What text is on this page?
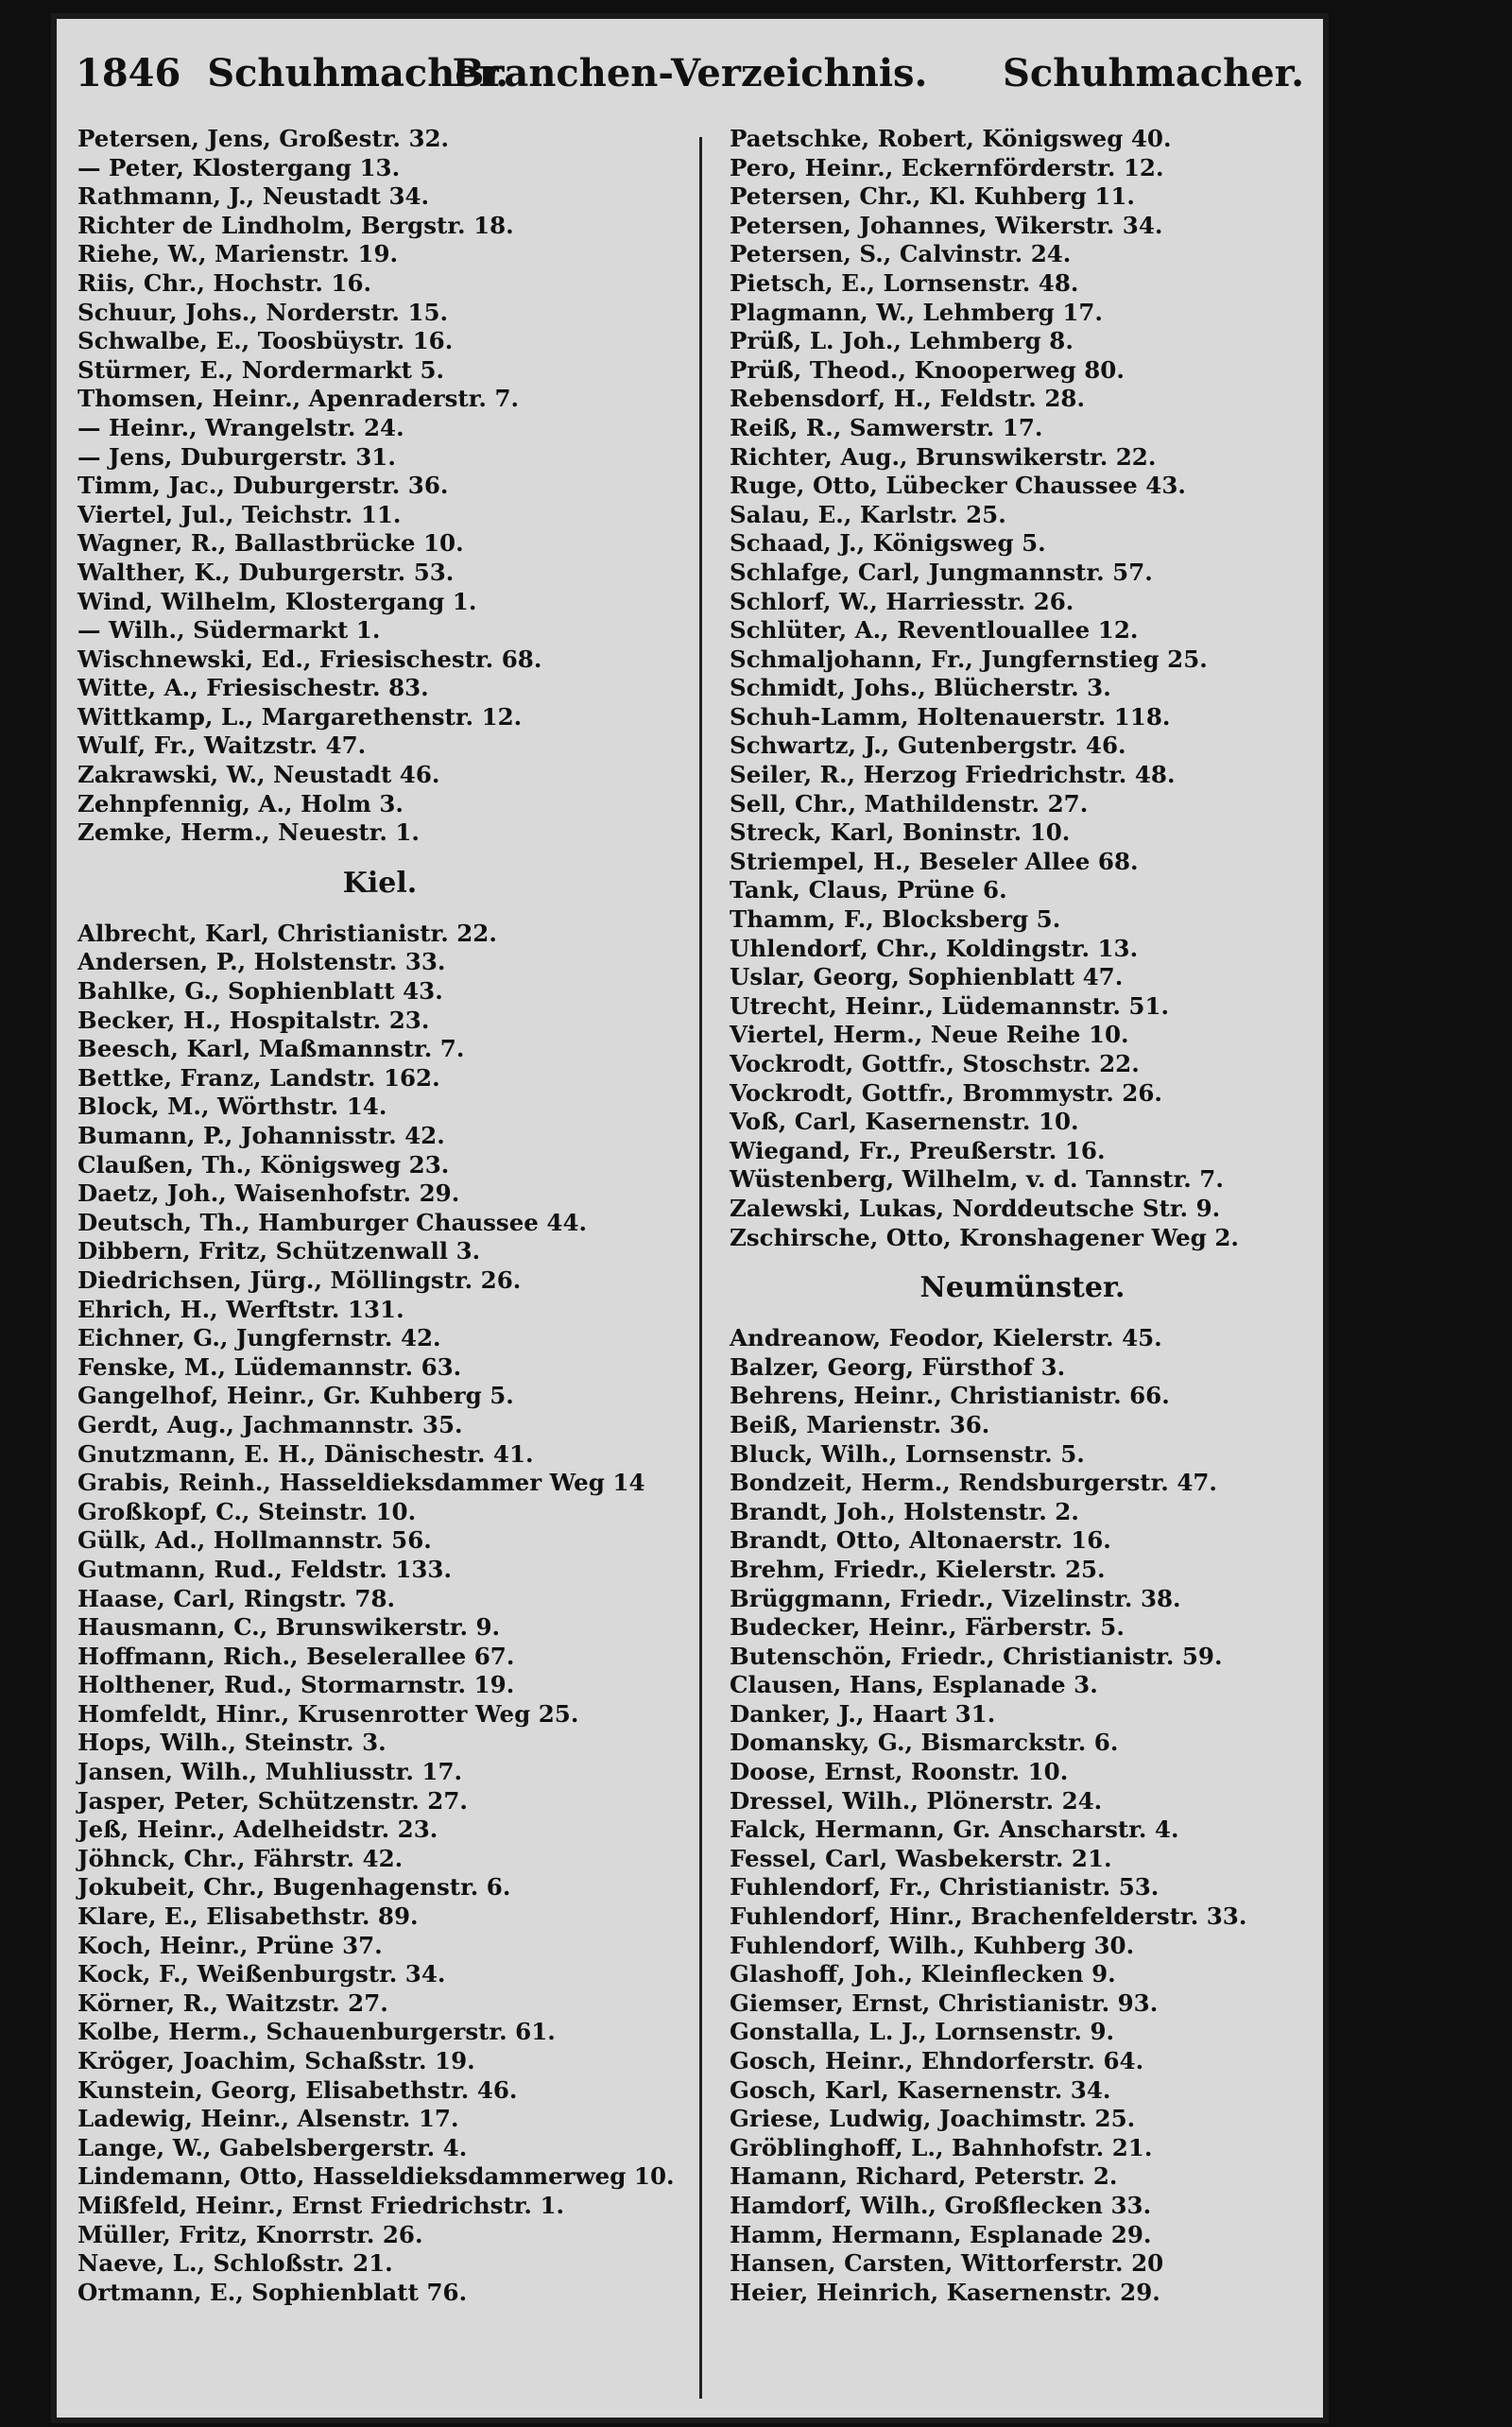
1846 Schuhmacher.
Branchen-Verzeichnis.	Schuhmacher.
Petersen, Jens, Großestr. 32.
— Peter, Klostergang 13.
Rathmann, J., Neustadt 34.
Richter de Lindholm, Bergstr. 18.
Riehe, W., Marienstr. 19.
Riis, Chr., Hochstr. 16.
Schuur, Johs., Norderstr. 15.
Schwalbe, E., Toosbüystr. 16.
Stürmer, E., Nordermarkt 5.
Thomsen, Heinr., Apenraderstr. 7.
— Heinr., Wrangelstr. 24.
— Jens, Duburgerstr. 31.
Timm, Jac., Duburgerstr. 36.
Viertel, Jul., Teichstr. 11.
Wagner, R., Ballastbrücke 10.
Walther, K., Duburgerstr. 53.
Wind, Wilhelm, Klostergang 1.
— Wilh., Südermarkt 1.
Wischnewski, Ed., Friesischestr. 68.
Witte, A., Friesischestr. 83.
Wittkamp, L., Margarethenstr. 12.
Wulf, Fr., Waitzstr. 47.
Zakrawski, W., Neustadt 46.
Zehnpfennig, A., Holm 3.
Zemke, Herm., Neuestr. 1.
Kiel.
Albrecht, Karl, Christianistr. 22.
Andersen, P., Holstenstr. 33.
Bahlke, G., Sophienblatt 43.
Becker, H., Hospitalstr. 23.
Beesch, Karl, Maßmannstr. 7.
Bettke, Franz, Landstr. 162.
Block, M., Wörthstr. 14.
Bumann, P., Johannisstr. 42.
Claußen, Th., Königsweg 23.
Daetz, Joh., Waisenhofstr. 29.
Deutsch, Th., Hamburger Chaussee 44.
Dibbern, Fritz, Schützenwall 3.
Diedrichsen, Jürg., Möllingstr. 26.
Ehrich, H., Werftstr. 131.
Eichner, G., Jungfernstr. 42.
Fenske, M., Lüdemannstr. 63.
Gangelhof, Heinr., Gr. Kuhberg 5.
Gerdt, Aug., Jachmannstr. 35.
Gnutzmann, E. H., Dänischestr. 41.
Grabis, Reinh., Hasseldieksdammer Weg 14
Großkopf, C., Steinstr. 10.
Gülk, Ad., Hollmannstr. 56.
Gutmann, Rud., Feldstr. 133.
Haase, Carl, Ringstr. 78.
Hausmann, C., Brunswikerstr. 9.
Hoffmann, Rich., Beselerallee 67.
Holthener, Rud., Stormarnstr. 19.
Homfeldt, Hinr., Krusenrotter Weg 25.
Hops, Wilh., Steinstr. 3.
Jansen, Wilh., Muhliusstr. 17.
Jasper, Peter, Schützenstr. 27.
Jeß, Heinr., Adelheidstr. 23.
Jöhnck, Chr., Fährstr. 42.
Jokubeit, Chr., Bugenhagenstr. 6.
Klare, E., Elisabethstr. 89.
Koch, Heinr., Prüne 37.
Kock, F., Weißenburgstr. 34.
Körner, R., Waitzstr. 27.
Kolbe, Herm., Schauenburgerstr. 61.
Kröger, Joachim, Schaßstr. 19.
Kunstein, Georg, Elisabethstr. 46.
Ladewig, Heinr., Alsenstr. 17.
Lange, W., Gabelsbergerstr. 4.
Lindemann, Otto, Hasseldieksdammerweg 10.
Mißfeld, Heinr., Ernst Friedrichstr. 1.
Müller, Fritz, Knorrstr. 26.
Naeve, L., Schloßstr. 21.
Ortmann, E., Sophienblatt 76.
Paetschke, Robert, Königsweg 40.
Pero, Heinr., Eckernförderstr. 12.
Petersen, Chr., Kl. Kuhberg 11.
Petersen, Johannes, Wikerstr. 34.
Petersen, S., Calvinstr. 24.
Pietsch, E., Lornsenstr. 48.
Plagmann, W., Lehmberg 17.
Prüß, L. Joh., Lehmberg 8.
Prüß, Theod., Knooperweg 80.
Rebensdorf, H., Feldstr. 28.
Reiß, R., Samwerstr. 17.
Richter, Aug., Brunswikerstr. 22.
Ruge, Otto, Lübecker Chaussee 43.
Salau, E., Karlstr. 25.
Schaad, J., Königsweg 5.
Schlafge, Carl, Jungmannstr. 57.
Schlorf, W., Harriesstr. 26.
Schlüter, A., Reventlouallee 12.
Schmaljohann, Fr., Jungfernstieg 25.
Schmidt, Johs., Blücherstr. 3.
Schuh-Lamm, Holtenauerstr. 118.
Schwartz, J., Gutenbergstr. 46.
Seiler, R., Herzog Friedrichstr. 48.
Sell, Chr., Mathildenstr. 27.
Streck, Karl, Boninstr. 10.
Striempel, H., Beseler Allee 68.
Tank, Claus, Prüne 6.
Thamm, F., Blocksberg 5.
Uhlendorf, Chr., Koldingstr. 13.
Uslar, Georg, Sophienblatt 47.
Utrecht, Heinr., Lüdemannstr. 51.
Viertel, Herm., Neue Reihe 10.
Vockrodt, Gottfr., Stoschstr. 22.
Vockrodt, Gottfr., Brommystr. 26.
Voß, Carl, Kasernenstr. 10.
Wiegand, Fr., Preußerstr. 16.
Wüstenberg, Wilhelm, v. d. Tannstr. 7.
Zalewski, Lukas, Norddeutsche Str. 9.
Zschirsche, Otto, Kronshagener Weg 2.
Neumünster.
Andreanow, Feodor, Kielerstr. 45.
Balzer, Georg, Fürsthof 3.
Behrens, Heinr., Christianistr. 66.
Beiß, Marienstr. 36.
Bluck, Wilh., Lornsenstr. 5.
Bondzeit, Herm., Rendsburgerstr. 47.
Brandt, Joh., Holstenstr. 2.
Brandt, Otto, Altonaerstr. 16.
Brehm, Friedr., Kielerstr. 25.
Brüggmann, Friedr., Vizelinstr. 38.
Budecker, Heinr., Färberstr. 5.
Butenschön, Friedr., Christianistr. 59.
Clausen, Hans, Esplanade 3.
Danker, J., Haart 31.
Domansky, G., Bismarckstr. 6.
Doose, Ernst, Roonstr. 10.
Dressel, Wilh., Plönerstr. 24.
Falck, Hermann, Gr. Anscharstr. 4.
Fessel, Carl, Wasbekerstr. 21.
Fuhlendorf, Fr., Christianistr. 53.
Fuhlendorf, Hinr., Brachenfelderstr. 33.
Fuhlendorf, Wilh., Kuhberg 30.
Glashoff, Joh., Kleinflecken 9.
Giemser, Ernst, Christianistr. 93.
Gonstalla, L. J., Lornsenstr. 9.
Gosch, Heinr., Ehndorferstr. 64.
Gosch, Karl, Kasernenstr. 34.
Griese, Ludwig, Joachimstr. 25.
Gröblinghoff, L., Bahnhofstr. 21.
Hamann, Richard, Peterstr. 2.
Hamdorf, Wilh., Großflecken 33.
Hamm, Hermann, Esplanade 29.
Hansen, Carsten, Wittorferstr. 20
Heier, Heinrich, Kasernenstr. 29.
